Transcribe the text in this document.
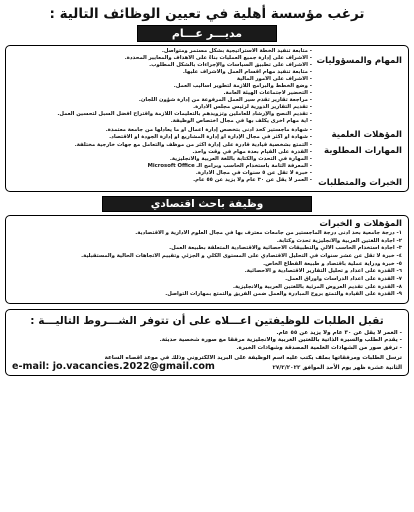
ترغب مؤسسة أهلية في تعيين الوظائف التالية :
مديـــر عـــام
المهام والمسؤوليات
- متابعة تنفيذ الخطة الاستراتيجية بشكل مستمر ومتواصل.
- الاشراف على إدارة جميع العمليات بناءً على الأهداف والمعايير المحددة.
- الاشراف على تطبيق السياسات والإجراءات بالشكل المطلوب.
- متابعة تنفيذ مهام أقسام العمل والاشراف عليها.
- الاشراف على الأمور المالية
- وضع الخطط والبرامج اللازمة لتطوير أساليب العمل.
- التحضير لاجتماعات الهيئة العامة.
- مراجعة تقارير تقدم سير العمل المرفوعة من إدارة شؤون اللجان.
- تقديم التقارير الدورية لرئيس مجلس الادارة.
- تقديم النصح والإرشاد للعاملين وتزويدهم بالتعليمات اللازمة واقتراح أفضل السبل لتحسين العمل.
- أية مهام أخرى يكلف بها في مجال اختصاص الوظيفة.
المؤهلات العلمية
- شهادة ماجستير كحد أدنى بتخصص إدارة أعمال أو ما يعادلها من جامعة معتمدة.
- شهادة أو أكثر في مجال الإدارة أو إدارة المشاريع أو إدارة الجودة أو الاقتصاد.
المهارات المطلوبة
- التمتع بشخصية قيادية قادرة على إدارة أكثر من موظف والتعامل مع جهات خارجية مختلفة.
- القدرة على القيام بعدة مهام في وقت واحد.
- المهارة في التحدث والكتابة باللغة العربية والانجليزية.
- المعرفة التامة باستخدام الحاسب وبرامج الـ Microsoft Office
الخبرات والمتطلبات
- خبرة لا تقل عن ٥ سنوات في مجال الادارة.
- العمر لا يقل عن ٣٠ عام ولا يزيد عن ٥٥ عام.
وظيفة باحث اقتصادي
المؤهلات و الخبرات
١- درجة جامعية بحد أدنى درجة الماجستير من جامعات معترف بها في مجال العلوم الادارية و الاقتصادية.
٢- اجادة اللغتين العربية والانجليزية تحدث وكتابة.
٣- اجادة استخدام الحاسب الآلي والتطبيقات الاحصائية والاقتصادية المتعلقة بطبيعة العمل.
٤- خبرة لا تقل عن عشر سنوات في التحليل الاقتصادي على المستوى الكلي و الجزئي وتقييم الاتجاهات الحالية والمستقبلية.
٥- خبرة ودراية عملية باقتصاد و طبيعة القطاع الخاص.
٦- القدرة على اعداد و تحليل التقارير الاقتصادية و الاحصائية.
٧- القدرة على اعداد الدراسات وأوراق العمل.
٨- القدرة على تقديم العروض المرئية باللغتين العربية والانجليزية.
٩- القدرة على القيادة والتمتع بروح المبادرة والعمل ضمن الفريق والتمتع بمهارات التواصل.
تقبل الطلبات للوظيفتين اعـــلاه على أن تتوفر الشـــروط التاليـــة :
- العمر لا يقل عن ٣٠ عام ولا يزيد عن ٥٥ عام.
- يقدم الطلب والسيرة الذاتية باللغتين العربية والانجليزية مرفقاً مع صورة شخصية حديثة.
- ترفق صور من الشهادات العلمية المصدقة وشهادات الخبرة.
ترسل الطلبات ومرفقاتها بملف يكتب عليه اسم الوظيفة على البريد الالكتروني وذلك في موعد أقصاه الساعة
الثانية عشرة ظهر يوم الأحد الموافق ٢٧/٢/٢٠٢٢
e-mail: jo.vacancies.2022@gmail.com
